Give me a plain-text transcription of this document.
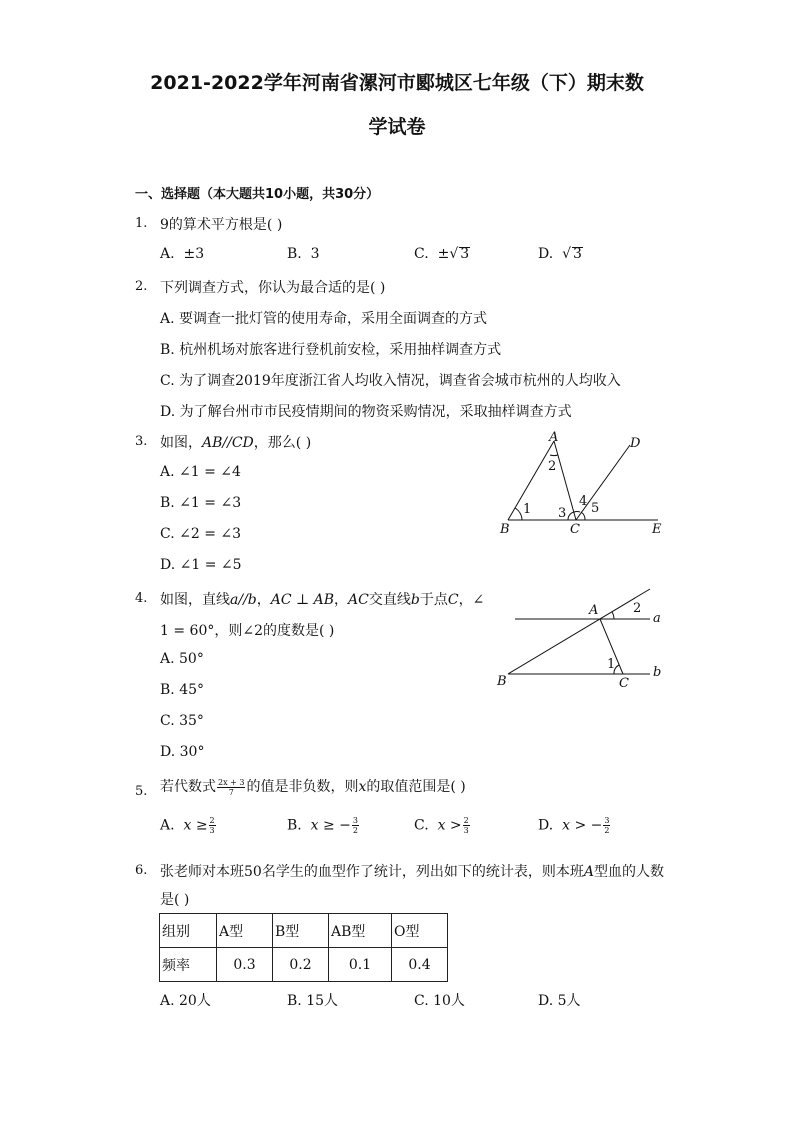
2021-2022学年河南省漯河市郾城区七年级（下）期末数
学试卷
一、选择题（本大题共10小题，共30分）
1. 9的算术平方根是( )
A. ±3	B. 3	C. ±√ 3	D.  √ 3
2. 下列调查方式，你认为最合适的是( )
A. 要调查一批灯管的使用寿命，采用全面调查的方式
B. 杭州机场对旅客进行登机前安检，采用抽样调查方式
C. 为了调查2019年度浙江省人均收入情况，调查省会城市杭州的人均收入
D. 为了解台州市市民疫情期间的物资采购情况，采取抽样调查方式
3. 如图，AB//CD，那么( )
A. ∠1 = ∠4
B. ∠1 = ∠3
C. ∠2 = ∠3
D. ∠1 = ∠5
A
B	C
D
E
1
2
3
4 5
4. 如图，直线a//b，AC ⊥ AB，AC交直线b于点C，∠
1 = 60°，则∠2的度数是( )
A. 50°
B. 45°
C. 35°
D. 30°
A
B	C
a
b
1
2
5. 若代数式 $\frac{2x + 3}{7}$ 的值是非负数，则x的取值范围是( )
A. $x \ge \frac{2}{3}$	B. x ≥ − $\frac{3}{2}$	C. $x > \frac{2}{3}$	D. x > − $\frac{3}{2}$
6. 张老师对本班50名学生的血型作了统计，列出如下的统计表，则本班A型血的人数
是( )
组别	A型	B型	AB型	O型
频率	0.3	0.2	0.1	0.4
A. 20人	B. 15人	C. 10人	D. 5人
